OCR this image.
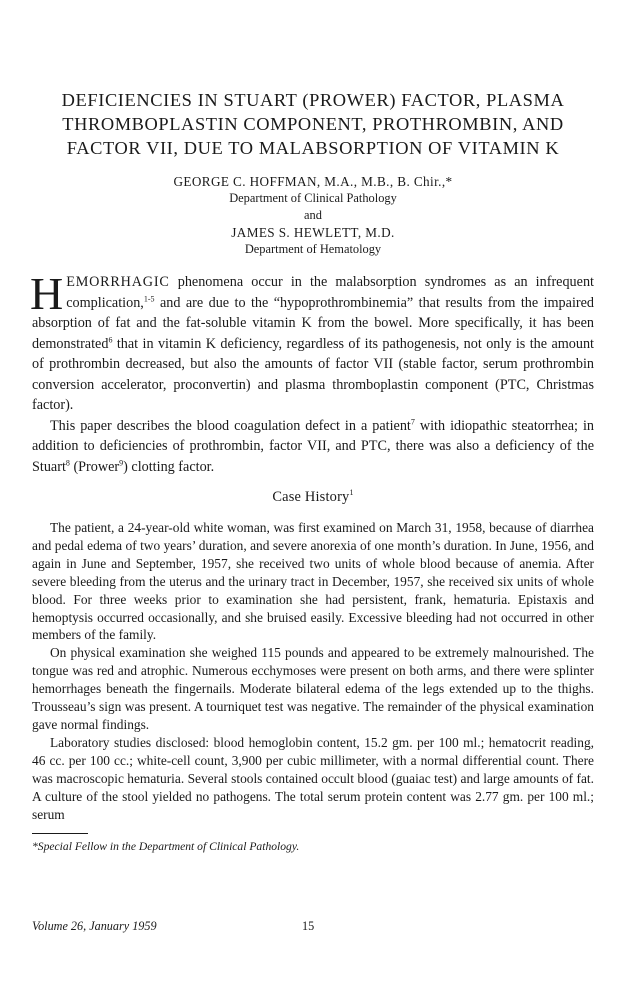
DEFICIENCIES IN STUART (PROWER) FACTOR, PLASMA
THROMBOPLASTIN COMPONENT, PROTHROMBIN, AND
FACTOR VII, DUE TO MALABSORPTION OF VITAMIN K
GEORGE C. HOFFMAN, M.A., M.B., B. Chir.,*
Department of Clinical Pathology
and
JAMES S. HEWLETT, M.D.
Department of Hematology

HEMORRHAGIC phenomena occur in the malabsorption syndromes as an infrequent complication,$^{1-5}$ and are due to the “hypoprothrombinemia” that results from the impaired absorption of fat and the fat-soluble vitamin K from the bowel. More specifically, it has been demonstrated$^6$ that in vitamin K deficiency, regardless of its pathogenesis, not only is the amount of prothrombin decreased, but also the amounts of factor VII (stable factor, serum prothrombin conversion accelerator, proconvertin) and plasma thromboplastin component (PTC, Christmas factor).

This paper describes the blood coagulation defect in a patient$^7$ with idiopathic steatorrhea; in addition to deficiencies of prothrombin, factor VII, and PTC, there was also a deficiency of the Stuart$^8$ (Prower$^9$) clotting factor.

Case History$^1$

The patient, a 24-year-old white woman, was first examined on March 31, 1958, because of diarrhea and pedal edema of two years’ duration, and severe anorexia of one month’s duration. In June, 1956, and again in June and September, 1957, she received two units of whole blood because of anemia. After severe bleeding from the uterus and the urinary tract in December, 1957, she received six units of whole blood. For three weeks prior to examination she had persistent, frank, hematuria. Epistaxis and hemoptysis occurred occasionally, and she bruised easily. Excessive bleeding had not occurred in other members of the family.

On physical examination she weighed 115 pounds and appeared to be extremely malnourished. The tongue was red and atrophic. Numerous ecchymoses were present on both arms, and there were splinter hemorrhages beneath the fingernails. Moderate bilateral edema of the legs extended up to the thighs. Trousseau’s sign was present. A tourniquet test was negative. The remainder of the physical examination gave normal findings.

Laboratory studies disclosed: blood hemoglobin content, 15.2 gm. per 100 ml.; hematocrit reading, 46 cc. per 100 cc.; white-cell count, 3,900 per cubic millimeter, with a normal differential count. There was macroscopic hematuria. Several stools contained occult blood (guaiac test) and large amounts of fat. A culture of the stool yielded no pathogens. The total serum protein content was 2.77 gm. per 100 ml.; serum

*Special Fellow in the Department of Clinical Pathology.
Volume 26, January 1959	15
